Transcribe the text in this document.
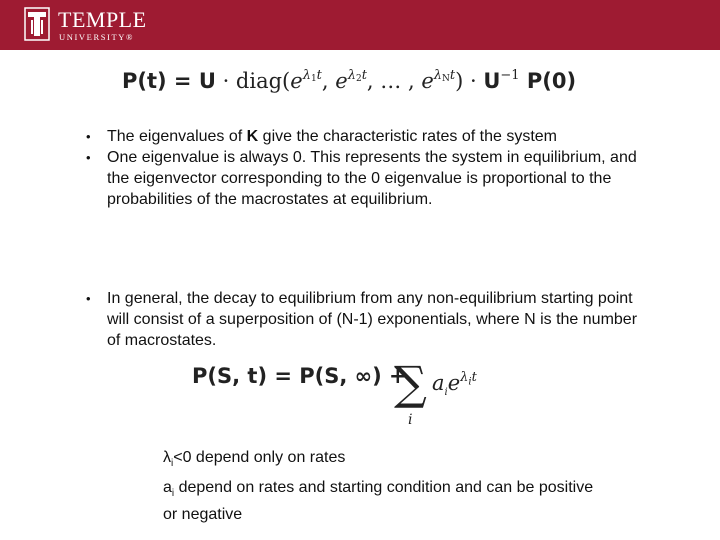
TEMPLE
UNIVERSITY®
$P(t) = U \cdot diag(e^{\lambda_1t}$, $e^{\lambda_2t}$, … , $e^{\lambda_Nt}) \cdot U^{-1}$ P(0)
• The eigenvalues of K give the characteristic rates of the system
• One eigenvalue is always 0. This represents the system in equilibrium, and the eigenvector corresponding to the 0 eigenvalue is proportional to the probabilities of the macrostates at equilibrium.
• In general, the decay to equilibrium from any non-equilibrium starting point will consist of a superposition of (N-1) exponentials, where N is the number of macrostates.
P(S, t) = P(S, ∞) +
∑
i
$a_ie^{\lambda_it}$
$\lambda_i<0$ depend only on rates
$a_i$ depend on rates and starting condition and can be positive or negative
